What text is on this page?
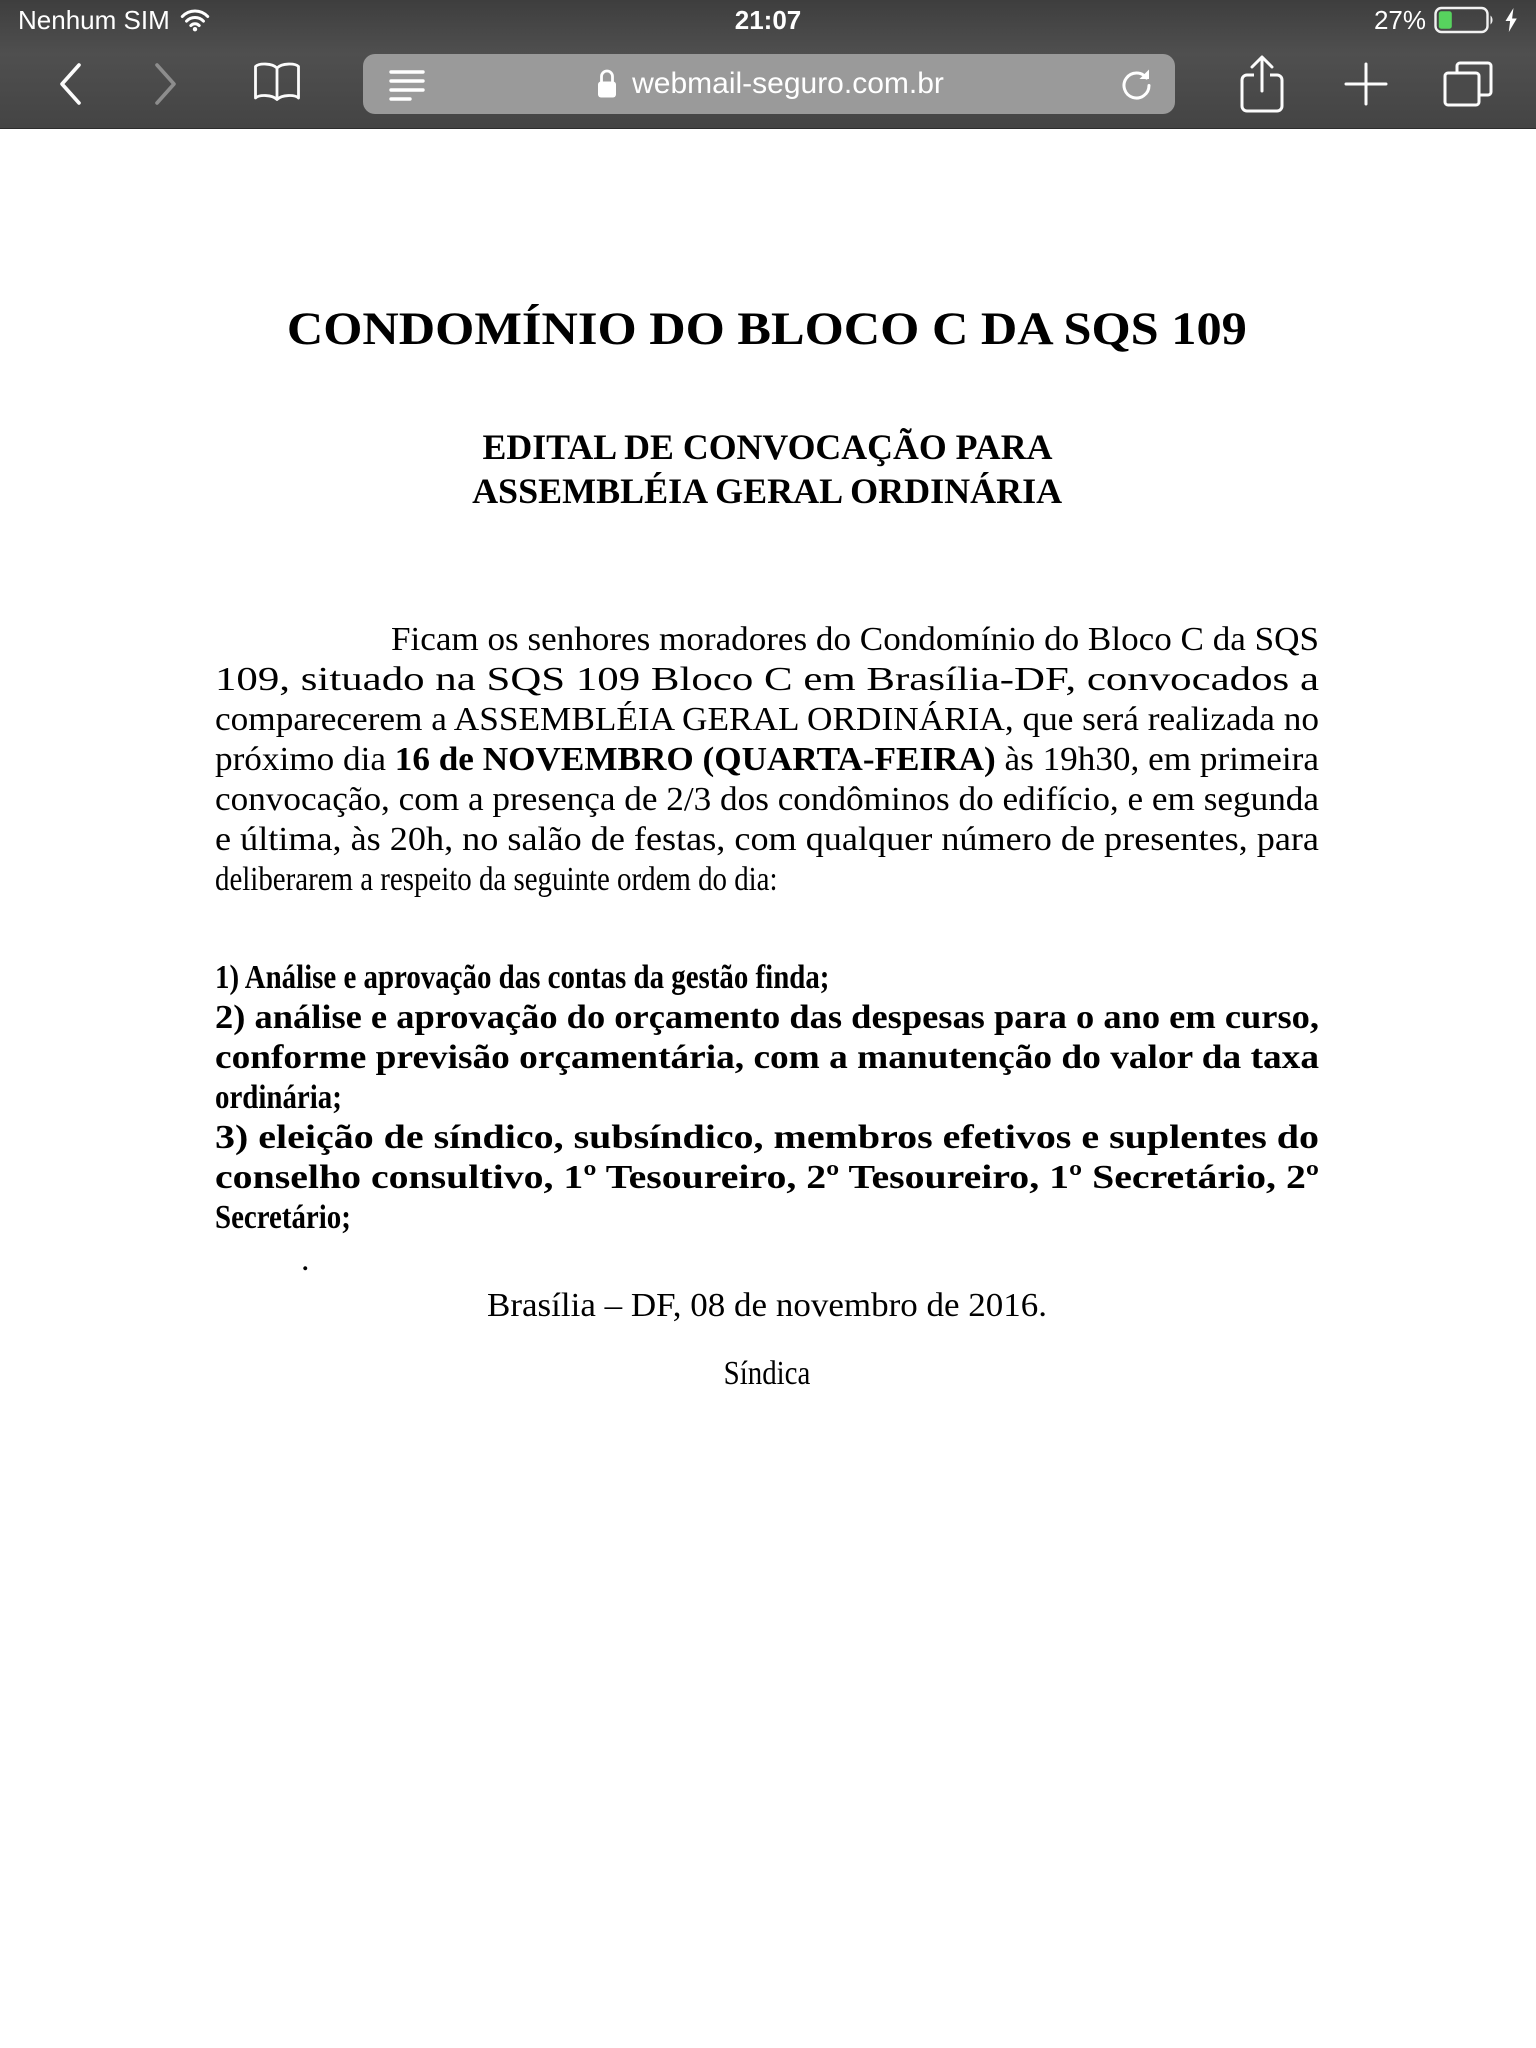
Nenhum SIM	21:07	27%
webmail-seguro.com.br
CONDOMÍNIO DO BLOCO C DA SQS 109
EDITAL DE CONVOCAÇÃO PARA
ASSEMBLÉIA GERAL ORDINÁRIA
Ficam os senhores moradores do Condomínio do Bloco C da SQS
109, situado na SQS 109 Bloco C em Brasília-DF, convocados a
comparecerem a ASSEMBLÉIA GERAL ORDINÁRIA, que será realizada no
próximo dia 16 de NOVEMBRO (QUARTA-FEIRA) às 19h30, em primeira
convocação, com a presença de 2/3 dos condôminos do edifício, e em segunda
e última, às 20h, no salão de festas, com qualquer número de presentes, para
deliberarem a respeito da seguinte ordem do dia:
1) Análise e aprovação das contas da gestão finda;
2) análise e aprovação do orçamento das despesas para o ano em curso,
conforme previsão orçamentária, com a manutenção do valor da taxa
ordinária;
3) eleição de síndico, subsíndico, membros efetivos e suplentes do
conselho consultivo, 1º Tesoureiro, 2º Tesoureiro, 1º Secretário, 2º
Secretário;
.
Brasília – DF, 08 de novembro de 2016.
Síndica
